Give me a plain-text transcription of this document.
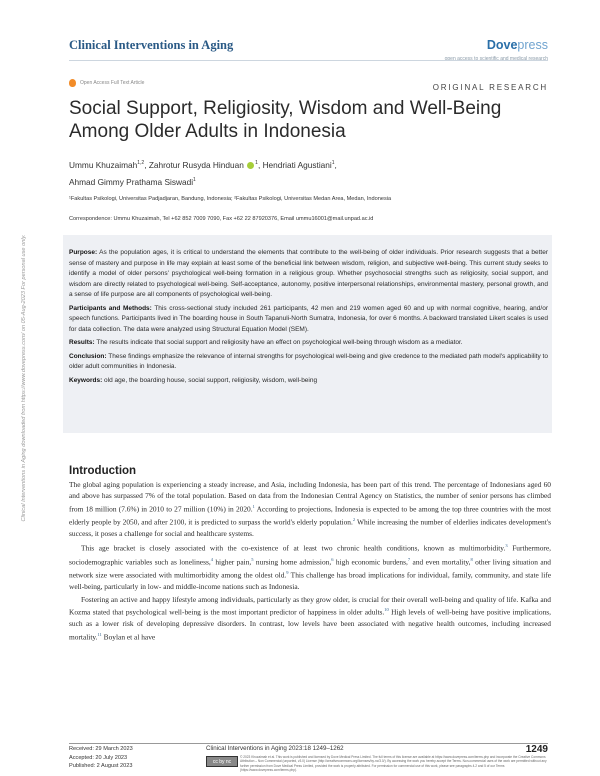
Clinical Interventions in Aging	Dovepress
open access to scientific and medical research
Open Access Full Text Article	ORIGINAL RESEARCH
Social Support, Religiosity, Wisdom and Well-Being Among Older Adults in Indonesia
Ummu Khuzaimah$^{1,2}$, Zahrotur Rusyda Hinduan $^1$, Hendriati Agustiani$^1$,
Ahmad Gimmy Prathama Siswadi$^1$
¹Fakultas Psikologi, Universitas Padjadjaran, Bandung, Indonesia; ²Fakultas Psikologi, Universitas Medan Area, Medan, Indonesia
Correspondence: Ummu Khuzaimah, Tel +62 852 7009 7090, Fax +62 22 87920376, Email ummu16001@mail.unpad.ac.id

Purpose: As the population ages, it is critical to understand the elements that contribute to the well-being of older individuals. Prior research suggests that a better sense of mastery and purpose in life may explain at least some of the beneficial link between wisdom, religion, and subjective well-being. This current study seeks to identify a model of older persons' psychological well-being formation in a religious group. Whether psychosocial strengths such as religiosity, social support, and wisdom are directly related to psychological well-being. Self-acceptance, autonomy, positive interpersonal relationships, environmental mastery, personal growth, and a sense of life purpose are all components of psychological well-being.

Participants and Methods: This cross-sectional study included 261 participants, 42 men and 219 women aged 60 and up with normal cognitive, hearing, and/or speech functions. Participants lived in The boarding house in South Tapanuli-North Sumatra, Indonesia, for over 6 months. A backward translated Likert scales is used for data collection. The data were analyzed using Structural Equation Model (SEM).

Results: The results indicate that social support and religiosity have an effect on psychological well-being through wisdom as a mediator.

Conclusion: These findings emphasize the relevance of internal strengths for psychological well-being and give credence to the mediated path model's applicability to older adult communities in Indonesia.

Keywords: old age, the boarding house, social support, religiosity, wisdom, well-being

Introduction

The global aging population is experiencing a steady increase, and Asia, including Indonesia, has been part of this trend. The percentage of Indonesians aged 60 and above has surpassed 7% of the total population. Based on data from the Indonesian Central Agency on Statistics, the number of senior persons has climbed from 18 million (7.6%) in 2010 to 27 million (10%) in 2020.$^1$ According to projections, Indonesia is expected to be among the top three countries with the most elderly people by 2050, and after 2100, it is predicted to surpass the world's elderly population.$^2$ While increasing the number of elderlies indicates development's success, it poses a challenge for social and healthcare systems.

This age bracket is closely associated with the co-existence of at least two chronic health conditions, known as multimorbidity.$^3$ Furthermore, sociodemographic variables such as loneliness,$^4$ higher pain,$^5$ nursing home admission,$^6$ high economic burdens,$^7$ and even mortality,$^8$ other living situation and network size were associated with multimorbidity among the oldest old.$^9$ This challenge has broad implications for individual, family, community, and state life well-being, particularly in low- and middle-income nations such as Indonesia.

Fostering an active and happy lifestyle among individuals, particularly as they grow older, is crucial for their overall well-being and quality of life. Kafka and Kozma stated that psychological well-being is the most important predictor of happiness in older adults.$^{10}$ High levels of well-being have positive implications, such as a lower risk of developing depressive disorders. In contrast, low levels have been associated with negative health outcomes, including increased mortality.$^{11}$ Boylan et al have

Clinical Interventions in Aging downloaded from https://www.dovepress.com/ on 05-Aug-2023 For personal use only.
Received: 29 March 2023
Accepted: 20 July 2023
Published: 2 August 2023
Clinical Interventions in Aging 2023:18 1249–1262	1249
cc by nc
© 2023 Khuzaimah et al. This work is published and licensed by Dove Medical Press Limited. The full terms of this license are available at https://www.dovepress.com/terms.php and incorporate the Creative Commons Attribution – Non Commercial (unported, v3.0) License (http://creativecommons.org/licenses/by-nc/3.0/). By accessing the work you hereby accept the Terms. Non-commercial uses of the work are permitted without any further permission from Dove Medical Press Limited, provided the work is properly attributed. For permission for commercial use of this work, please see paragraphs 4.2 and 5 of our Terms (https://www.dovepress.com/terms.php).
